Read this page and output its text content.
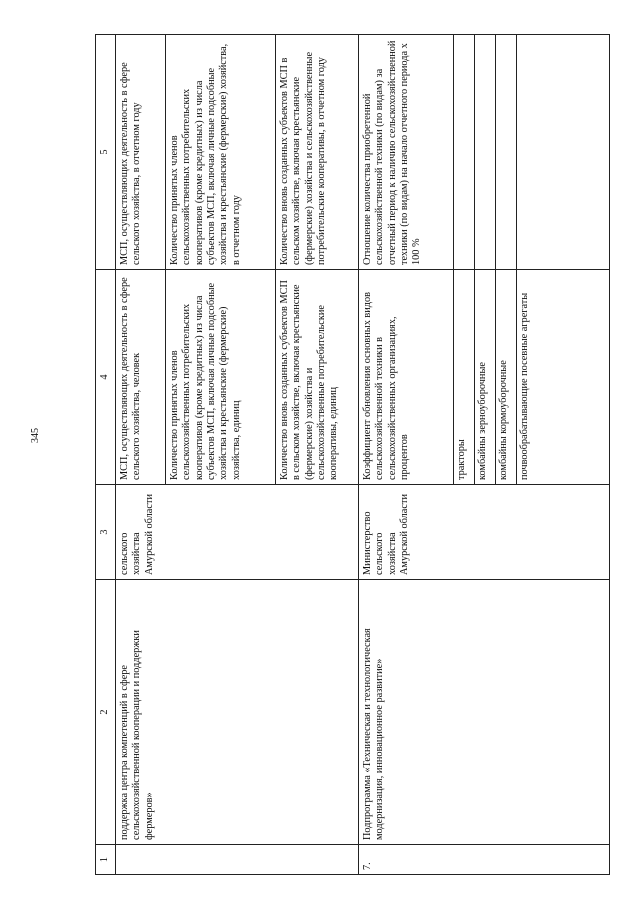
345
1	2	3	4	5
	поддержка центра компетенций в сфере сельскохозяйственной кооперации и поддержки фермеров»	сельского хозяйства Амурской области	МСП, осуществляющих деятельность в сфере сельского хозяйства, человек	МСП, осуществляющих деятельность в сфере сельского хозяйства, в отчетном году
			Количество принятых членов сельскохозяйственных потребительских кооперативов (кроме кредитных) из числа субъектов МСП, включая личные подсобные хозяйства и крестьянские (фермерские) хозяйства, единиц	Количество принятых членов сельскохозяйственных потребительских кооперативов (кроме кредитных) из числа субъектов МСП, включая личные подсобные хозяйства и крестьянские (фермерские) хозяйства, в отчетном году
			Количество вновь созданных субъектов МСП в сельском хозяйстве, включая крестьянские (фермерские) хозяйства и сельскохозяйственные потребительские кооперативы, единиц	Количество вновь созданных субъектов МСП в сельском хозяйстве, включая крестьянские (фермерские) хозяйства и сельскохозяйственные потребительские кооперативы, в отчетном году
7.	Подпрограмма «Техническая и технологическая модернизация, инновационное развитие»	Министерство сельского хозяйства Амурской области	Коэффициент обновления основных видов сельскохозяйственной техники в сельскохозяйственных организациях, процентов	Отношение количества приобретенной сельскохозяйственной техники (по видам) за отчетный период к наличию сельскохозяйственной техники (по видам) на начало отчетного периода х 100 %
			тракторы	
			комбайны зерноуборочные	
			комбайны кормоуборочные	
			почвообрабатывающие посевные агрегаты	
